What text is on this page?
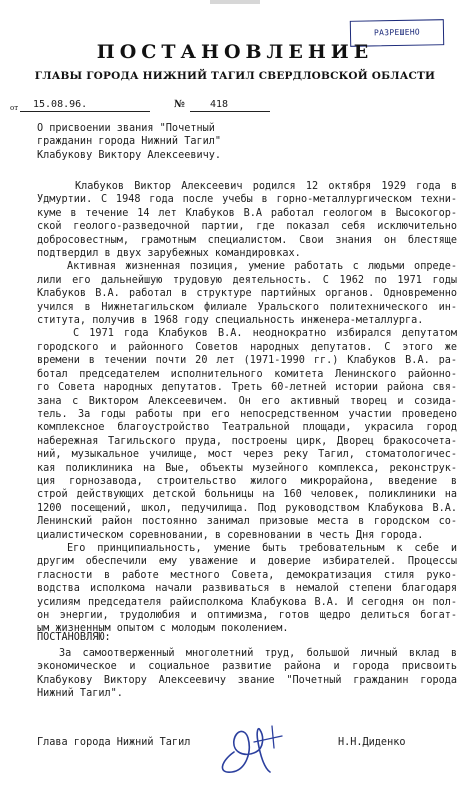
РАЗРЕШЕНО
ПОСТАНОВЛЕНИЕ
ГЛАВЫ ГОРОДА НИЖНИЙ ТАГИЛ СВЕРДЛОВСКОЙ ОБЛАСТИ
от 15.08.96.	№	418
О присвоении звания "Почетный
гражданин города Нижний Тагил"
Клабукову Виктору Алексеевичу.
Клабуков Виктор Алексеевич родился 12 октября 1929 года в
Удмуртии. С 1948 года после учебы в горно-металлургическом техни-
куме в течение 14 лет Клабуков В.А работал геологом в Высокогор-
ской геолого-разведочной партии, где показал себя исключительно
добросовестным, грамотным специалистом. Свои знания он блестяще
подтвердил в двух зарубежных командировках.
Активная жизненная позиция, умение работать с людьми опреде-
лили его дальнейшую трудовую деятельность. С 1962 по 1971 годы
Клабуков В.А. работал в структуре партийных органов. Одновременно
учился в Нижнетагильском филиале Уральского политехнического ин-
ститута, получив в 1968 году специальность инженера-металлурга.
С 1971 года Клабуков В.А. неоднократно избирался депутатом
городского и районного Советов народных депутатов. С этого же
времени в течении почти 20 лет (1971-1990 гг.) Клабуков В.А. ра-
ботал председателем исполнительного комитета Ленинского районно-
го Совета народных депутатов. Треть 60-летней истории района свя-
зана с Виктором Алексеевичем. Он его активный творец и созида-
тель. За годы работы при его непосредственном участии проведено
комплексное благоустройство Театральной площади, украсила город
набережная Тагильского пруда, построены цирк, Дворец бракосочета-
ний, музыкальное училище, мост через реку Тагил, стоматологичес-
кая поликлиника на Вые, объекты музейного комплекса, реконструк-
ция горнозавода, строительство жилого микрорайона, введение в
строй действующих детской больницы на 160 человек, поликлиники на
1200 посещений, школ, педучилища. Под руководством Клабукова В.А.
Ленинский район постоянно занимал призовые места в городском со-
циалистическом соревновании, в соревновании в честь Дня города.
Его принципиальность, умение быть требовательным к себе и
другим обеспечили ему уважение и доверие избирателей. Процессы
гласности в работе местного Совета, демократизация стиля руко-
водства исполкома начали развиваться в немалой степени благодаря
усилиям председателя райисполкома Клабукова В.А. И сегодня он пол-
он энергии, трудолюбия и оптимизма, готов щедро делиться богат-
ым жизненным опытом с молодым поколением.
ПОСТАНОВЛЯЮ:
За самоотверженный многолетний труд, большой личный вклад в
экономическое и социальное развитие района и города присвоить
Клабукову Виктору Алексеевичу звание "Почетный гражданин города
Нижний Тагил".
Глава города Нижний Тагил	Н.Н.Диденко
